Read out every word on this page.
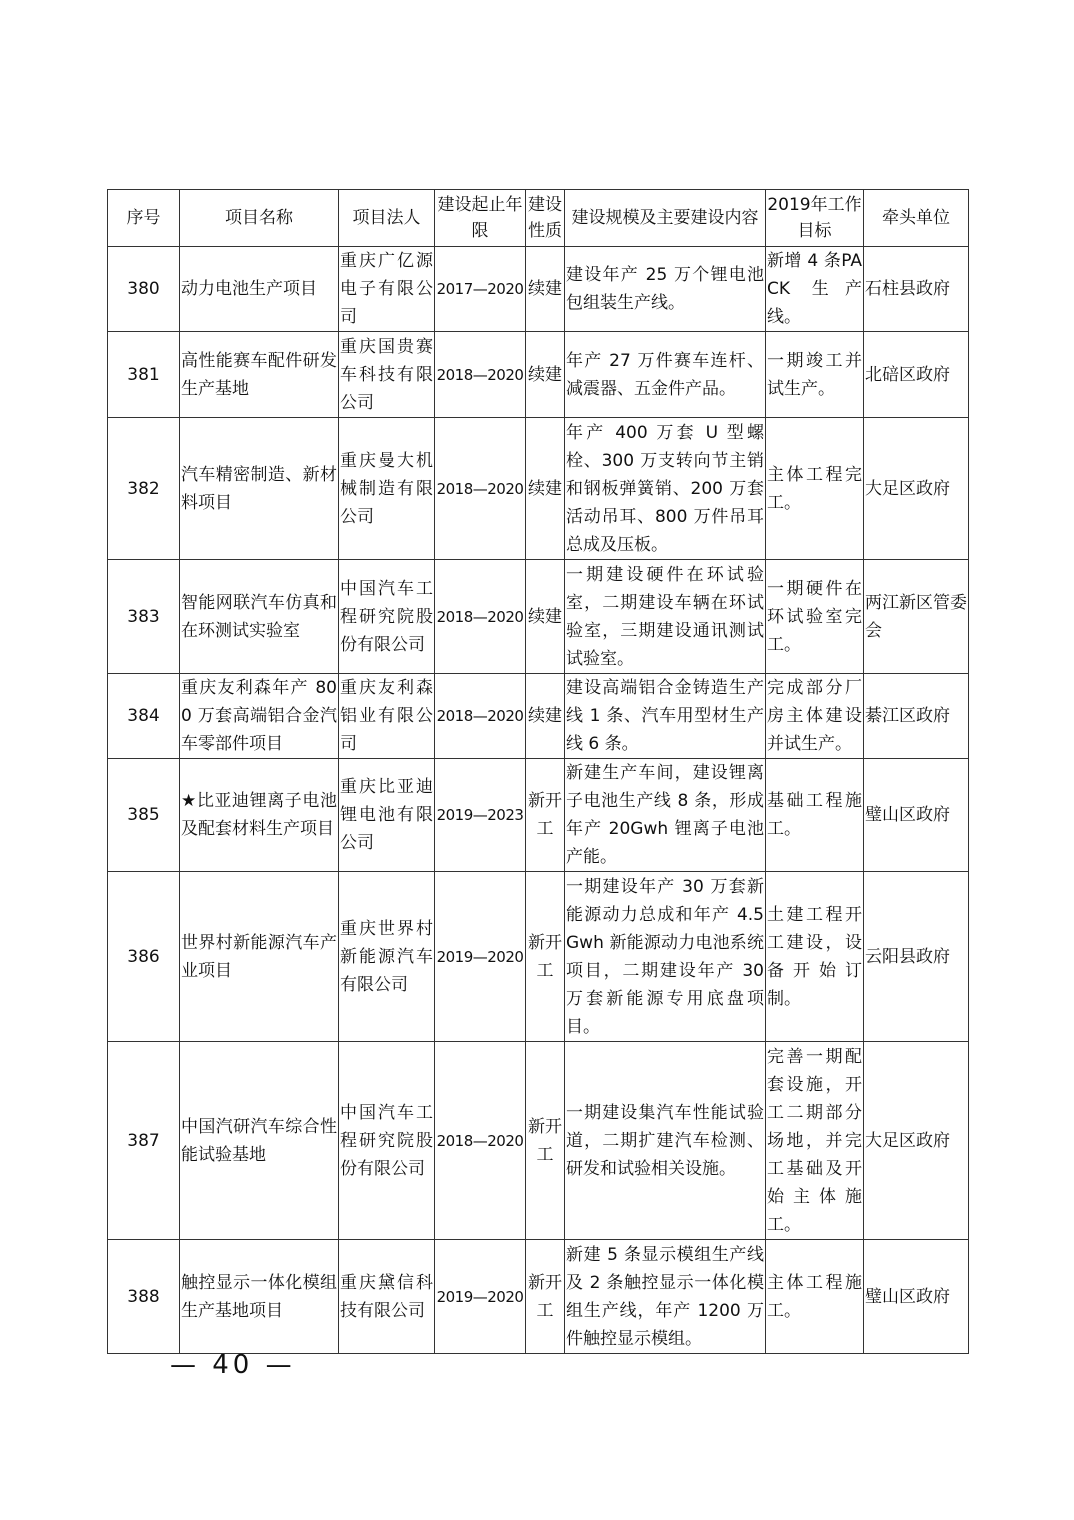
序号	项目名称	项目法人	建设起止年限	建设性质	建设规模及主要建设内容	2019年工作目标	牵头单位
380	动力电池生产项目	重庆广亿源电子有限公司	2017—2020	续建	建设年产 25 万个锂电池包组装生产线。	新增 4 条PACK 生产线。	石柱县政府
381	高性能赛车配件研发生产基地	重庆国贵赛车科技有限公司	2018—2020	续建	年产 27 万件赛车连杆、减震器、五金件产品。	一期竣工并试生产。	北碚区政府
382	汽车精密制造、新材料项目	重庆曼大机械制造有限公司	2018—2020	续建	年产 400 万套 U 型螺栓、300 万支转向节主销和钢板弹簧销、200 万套活动吊耳、800 万件吊耳总成及压板。	主体工程完工。	大足区政府
383	智能网联汽车仿真和在环测试实验室	中国汽车工程研究院股份有限公司	2018—2020	续建	一期建设硬件在环试验室，二期建设车辆在环试验室，三期建设通讯测试试验室。	一期硬件在环试验室完工。	两江新区管委会
384	重庆友利森年产 800 万套高端铝合金汽车零部件项目	重庆友利森铝业有限公司	2018—2020	续建	建设高端铝合金铸造生产线 1 条、汽车用型材生产线 6 条。	完成部分厂房主体建设并试生产。	綦江区政府
385	★比亚迪锂离子电池及配套材料生产项目	重庆比亚迪锂电池有限公司	2019—2023	新开工	新建生产车间，建设锂离子电池生产线 8 条，形成年产 20Gwh 锂离子电池产能。	基础工程施工。	璧山区政府
386	世界村新能源汽车产业项目	重庆世界村新能源汽车有限公司	2019—2020	新开工	一期建设年产 30 万套新能源动力总成和年产 4.5Gwh 新能源动力电池系统项目，二期建设年产 30 万套新能源专用底盘项目。	土建工程开工建设，设备开始订制。	云阳县政府
387	中国汽研汽车综合性能试验基地	中国汽车工程研究院股份有限公司	2018—2020	新开工	一期建设集汽车性能试验道，二期扩建汽车检测、研发和试验相关设施。	完善一期配套设施，开工二期部分场地，并完工基础及开始主体施工。	大足区政府
388	触控显示一体化模组生产基地项目	重庆黛信科技有限公司	2019—2020	新开工	新建 5 条显示模组生产线及 2 条触控显示一体化模组生产线，年产 1200 万件触控显示模组。	主体工程施工。	璧山区政府
— 40 —
